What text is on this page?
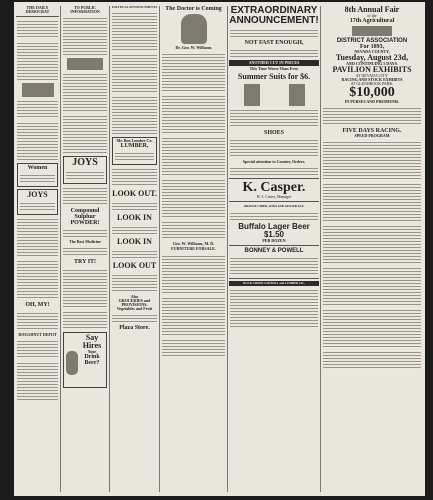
THE DAILY DEMOCRAT
Women
JOYS
OH, MY!
DOUGHNUT DEPOT
TO PUBLIC INFORMATION
JOYS
Compound
Sulphur
POWDER!
The Best Medicine
TRY IT!
Say
Hires
Your
Drink
Beer?
POLITICAL ANNOUNCEMENTS
Mr. Bon Lumber Co.
LUMBER,
LOOK OUT.
LOOK IN
LOOK IN
LOOK OUT
Also
GROCERIES and PROVISIONS.
Vegetables and Fruit
Plaza Store.
The Doctor is Coming
Dr. Geo. W. Williams
Geo. W. Williams, M. D.
FURNITURE FORSALE.
EXTRAORDINARY
ANNOUNCEMENT!
NOT FAST ENOUGH,
ANOTHER CUT IN PRICES
This Time Worse Than Ever.
Summer Suits for $6.
SHOES
Special attention to Country Orders.
K. Casper.
H. J. Carter, Manager
ORANGE CIDER, SODA AND GINGER ALE.
Buffalo Lager Beer $1.50
PER DOZEN
BONNEY & POWELL
ROCK CREEK SAWMILL and LUMBER CO.,
8th Annual Fair
of the
17th Agricultural
DISTRICT ASSOCIATION
For 1893,
NEVADA COUNTY,
Tuesday, August 23d,
AND CONTINUING 5 DAYS.
PAVILION EXHIBITS
AT NEVADA CITY.
RACING AND STOCK EXHIBITS
AT GLENBROOK PARK.
$10,000
IN PURSES AND PREMIUMS.
FIVE DAYS RACING.
SPEED PROGRAM
